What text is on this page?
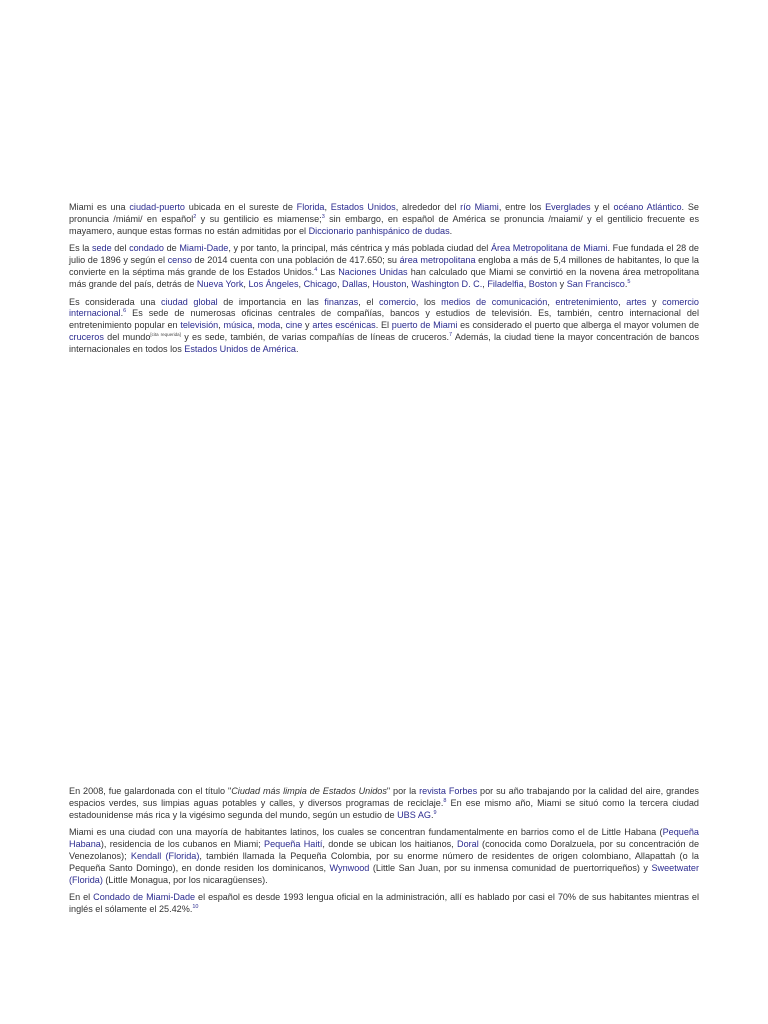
Miami es una ciudad-puerto ubicada en el sureste de Florida, Estados Unidos, alrededor del río Miami, entre los Everglades y el océano Atlántico. Se pronuncia /miámi/ en español$^2$ y su gentilicio es miamense;$^3$ sin embargo, en español de América se pronuncia /maiami/ y el gentilicio frecuente es mayamero, aunque estas formas no están admitidas por el Diccionario panhispánico de dudas.

Es la sede del condado de Miami-Dade, y por tanto, la principal, más céntrica y más poblada ciudad del Área Metropolitana de Miami. Fue fundada el 28 de julio de 1896 y según el censo de 2014 cuenta con una población de 417.650; su área metropolitana engloba a más de 5,4 millones de habitantes, lo que la convierte en la séptima más grande de los Estados Unidos.$^4$ Las Naciones Unidas han calculado que Miami se convirtió en la novena área metropolitana más grande del país, detrás de Nueva York, Los Ángeles, Chicago, Dallas, Houston, Washington D. C., Filadelfia, Boston y San Francisco.$^5$

Es considerada una ciudad global de importancia en las finanzas, el comercio, los medios de comunicación, entretenimiento, artes y comercio internacional.$^6$ Es sede de numerosas oficinas centrales de compañías, bancos y estudios de televisión. Es, también, centro internacional del entretenimiento popular en televisión, música, moda, cine y artes escénicas. El puerto de Miami es considerado el puerto que alberga el mayor volumen de cruceros del mundo[cita requerida] y es sede, también, de varias compañías de líneas de cruceros.$^7$ Además, la ciudad tiene la mayor concentración de bancos internacionales en todos los Estados Unidos de América.

En 2008, fue galardonada con el título "Ciudad más limpia de Estados Unidos" por la revista Forbes por su año trabajando por la calidad del aire, grandes espacios verdes, sus limpias aguas potables y calles, y diversos programas de reciclaje.$^8$ En ese mismo año, Miami se situó como la tercera ciudad estadounidense más rica y la vigésimo segunda del mundo, según un estudio de UBS AG.$^9$

Miami es una ciudad con una mayoría de habitantes latinos, los cuales se concentran fundamentalmente en barrios como el de Little Habana (Pequeña Habana), residencia de los cubanos en Miami; Pequeña Haití, donde se ubican los haitianos, Doral (conocida como Doralzuela, por su concentración de Venezolanos); Kendall (Florida), también llamada la Pequeña Colombia, por su enorme número de residentes de origen colombiano, Allapattah (o la Pequeña Santo Domingo), en donde residen los dominicanos, Wynwood (Little San Juan, por su inmensa comunidad de puertorriqueños) y Sweetwater (Florida) (Little Monagua, por los nicaragüenses).

En el Condado de Miami-Dade el español es desde 1993 lengua oficial en la administración, allí es hablado por casi el 70% de sus habitantes mientras el inglés el sólamente el 25.42%.$^{10}$
